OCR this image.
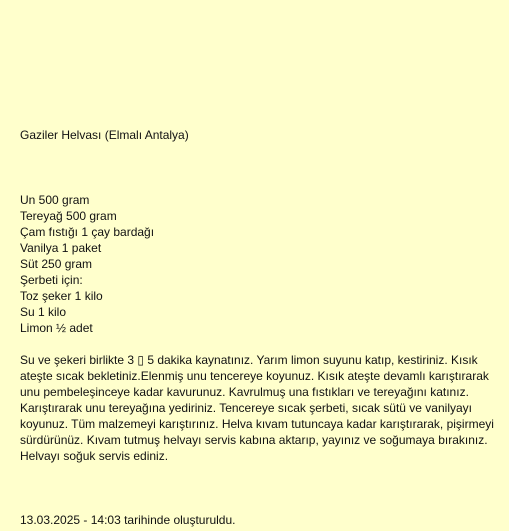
Gaziler Helvası (Elmalı Antalya)
Un 500 gram
Tereyağ 500 gram
Çam fıstığı 1 çay bardağı
Vanilya 1 paket
Süt 250 gram
Şerbeti için:
Toz şeker 1 kilo
Su 1 kilo
Limon ½ adet

Su ve şekeri birlikte 3 ▯ 5 dakika kaynatınız. Yarım limon suyunu katıp, kestiriniz. Kısık ateşte sıcak bekletiniz.Elenmiş unu tencereye koyunuz. Kısık ateşte devamlı karıştırarak unu pembeleşinceye kadar kavurunuz. Kavrulmuş una fıstıkları ve tereyağını katınız. Karıştırarak unu tereyağına yediriniz. Tencereye sıcak şerbeti, sıcak sütü ve vanilyayı koyunuz. Tüm malzemeyi karıştırınız. Helva kıvam tutuncaya kadar karıştırarak, pişirmeyi sürdürünüz. Kıvam tutmuş helvayı servis kabına aktarıp, yayınız ve soğumaya bırakınız. Helvayı soğuk servis ediniz.

13.03.2025 - 14:03 tarihinde oluşturuldu.
